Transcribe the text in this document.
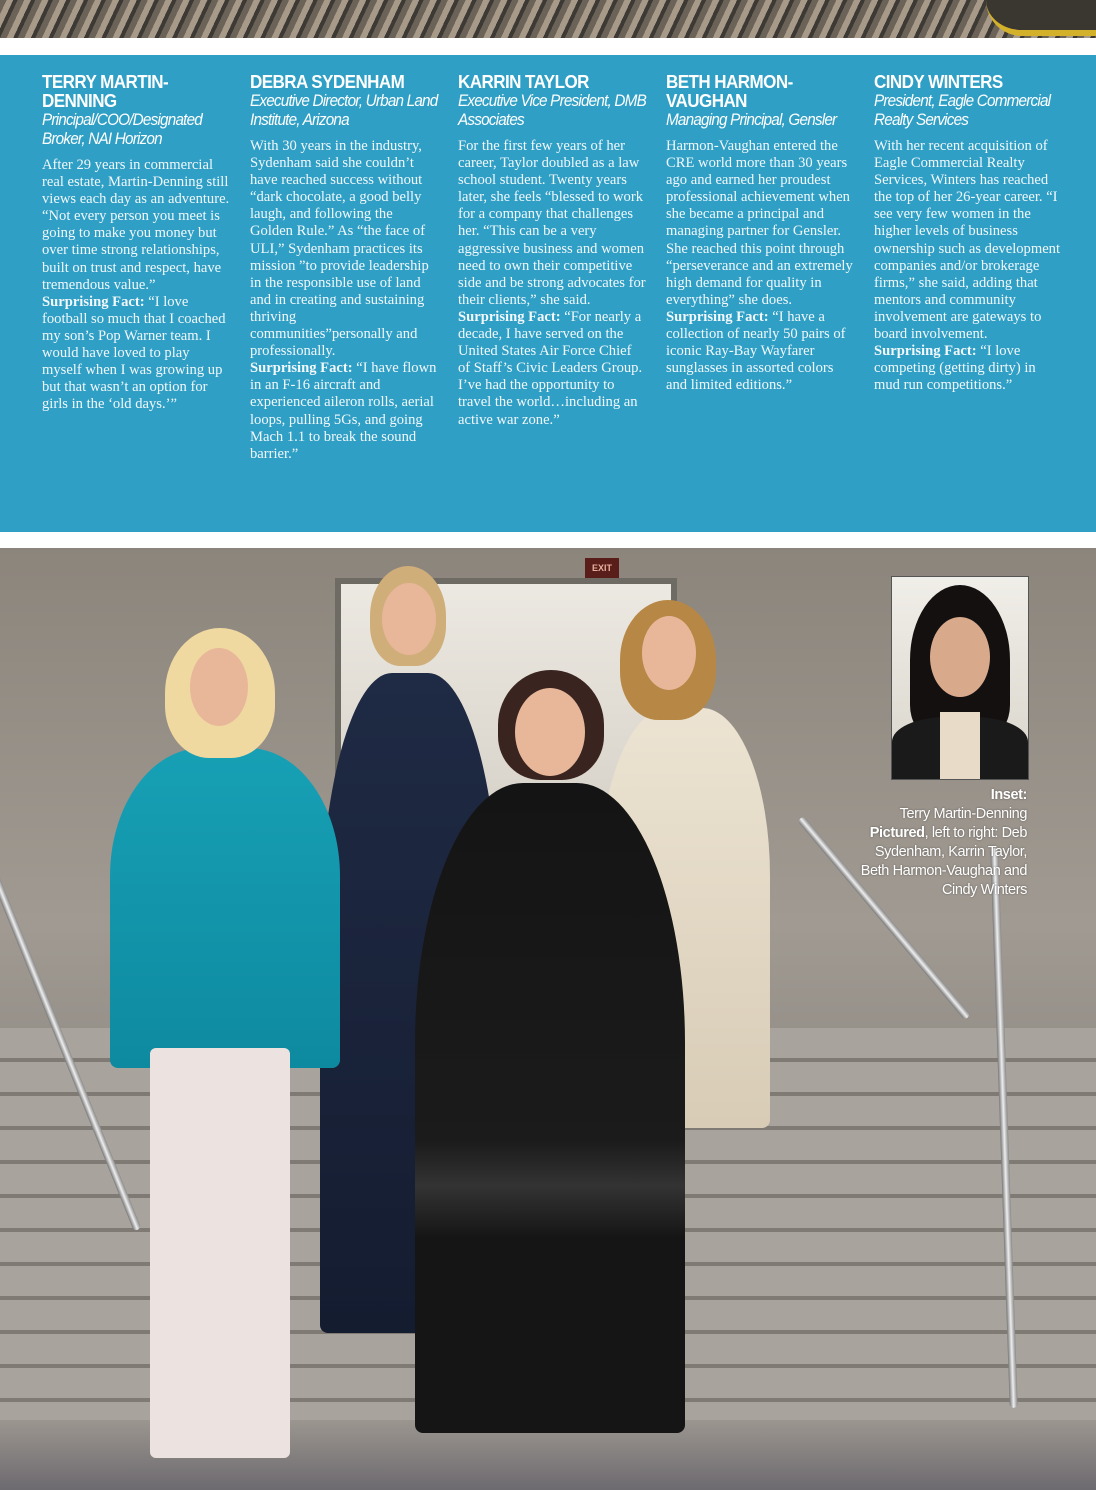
TERRY MARTIN-DENNING
Principal/COO/Designated Broker, NAI Horizon
After 29 years in commercial real estate, Martin-Denning still views each day as an adventure. “Not every person you meet is going to make you money but over time strong relationships, built on trust and respect, have tremendous value.”
Surprising Fact: “I love football so much that I coached my son’s Pop Warner team. I would have loved to play myself when I was growing up but that wasn’t an option for girls in the ‘old days.’”
DEBRA SYDENHAM
Executive Director, Urban Land Institute, Arizona
With 30 years in the industry, Sydenham said she couldn’t have reached success without “dark chocolate, a good belly laugh, and following the Golden Rule.” As “the face of ULI,” Sydenham practices its mission ”to provide leadership in the responsible use of land and in creating and sustaining thriving communities”personally and professionally.
Surprising Fact: “I have flown in an F-16 aircraft and experienced aileron rolls, aerial loops, pulling 5Gs, and going Mach 1.1 to break the sound barrier.”
KARRIN TAYLOR
Executive Vice President, DMB Associates
For the first few years of her career, Taylor doubled as a law school student. Twenty years later, she feels “blessed to work for a company that challenges her. “This can be a very aggressive business and women need to own their competitive side and be strong advocates for their clients,” she said.
Surprising Fact: “For nearly a decade, I have served on the United States Air Force Chief of Staff’s Civic Leaders Group. I’ve had the opportunity to travel the world…including an active war zone.”
BETH HARMON-VAUGHAN
Managing Principal, Gensler
Harmon-Vaughan entered the CRE world more than 30 years ago and earned her proudest professional achievement when she became a principal and managing partner for Gensler. She reached this point through “perseverance and an extremely high demand for quality in everything” she does.
Surprising Fact: “I have a collection of nearly 50 pairs of iconic Ray-Bay Wayfarer sunglasses in assorted colors and limited editions.”
CINDY WINTERS
President, Eagle Commercial Realty Services
With her recent acquisition of Eagle Commercial Realty Services, Winters has reached the top of her 26-year career. “I see very few women in the higher levels of business ownership such as development companies and/or brokerage firms,” she said, adding that mentors and community involvement are gateways to board involvement.
Surprising Fact: “I love competing (getting dirty) in mud run competitions.”
EXIT
Inset:
Terry Martin-Denning
Pictured, left to right: Deb Sydenham, Karrin Taylor, Beth Harmon-Vaughan and Cindy Winters
